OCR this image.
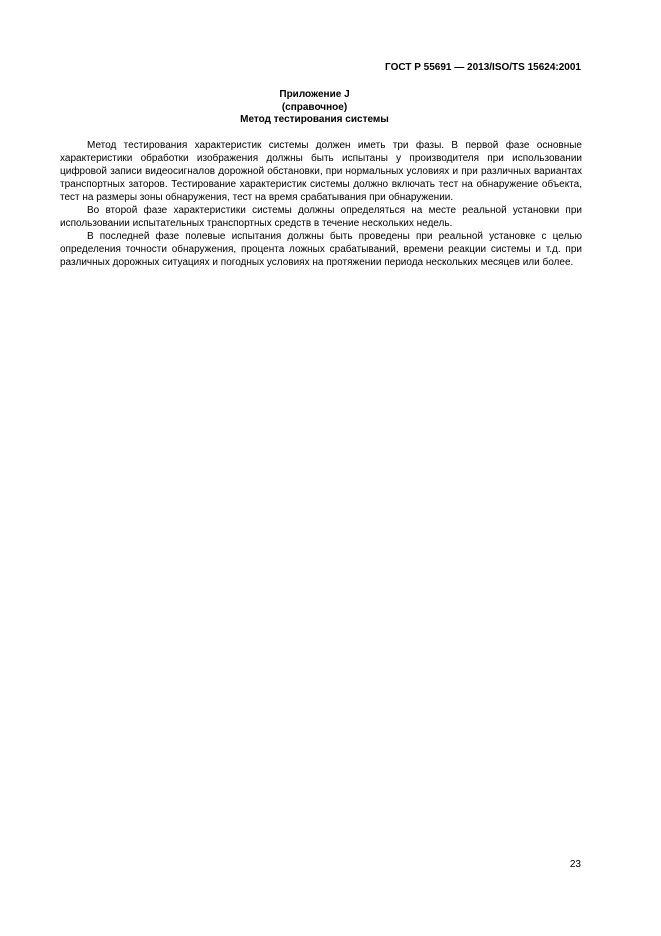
ГОСТ Р 55691 — 2013/ISO/TS 15624:2001
Приложение J
(справочное)
Метод тестирования системы

Метод тестирования характеристик системы должен иметь три фазы. В первой фазе основные характеристики обработки изображения должны быть испытаны у производителя при использовании цифровой записи видеосигналов дорожной обстановки, при нормальных условиях и при различных вариантах транспортных заторов. Тестирование характеристик системы должно включать тест на обнаружение объекта, тест на размеры зоны обнаружения, тест на время срабатывания при обнаружении.

Во второй фазе характеристики системы должны определяться на месте реальной установки при использовании испытательных транспортных средств в течение нескольких недель.

В последней фазе полевые испытания должны быть проведены при реальной установке с целью определения точности обнаружения, процента ложных срабатываний, времени реакции системы и т.д. при различных дорожных ситуациях и погодных условиях на протяжении периода нескольких месяцев или более.

23
